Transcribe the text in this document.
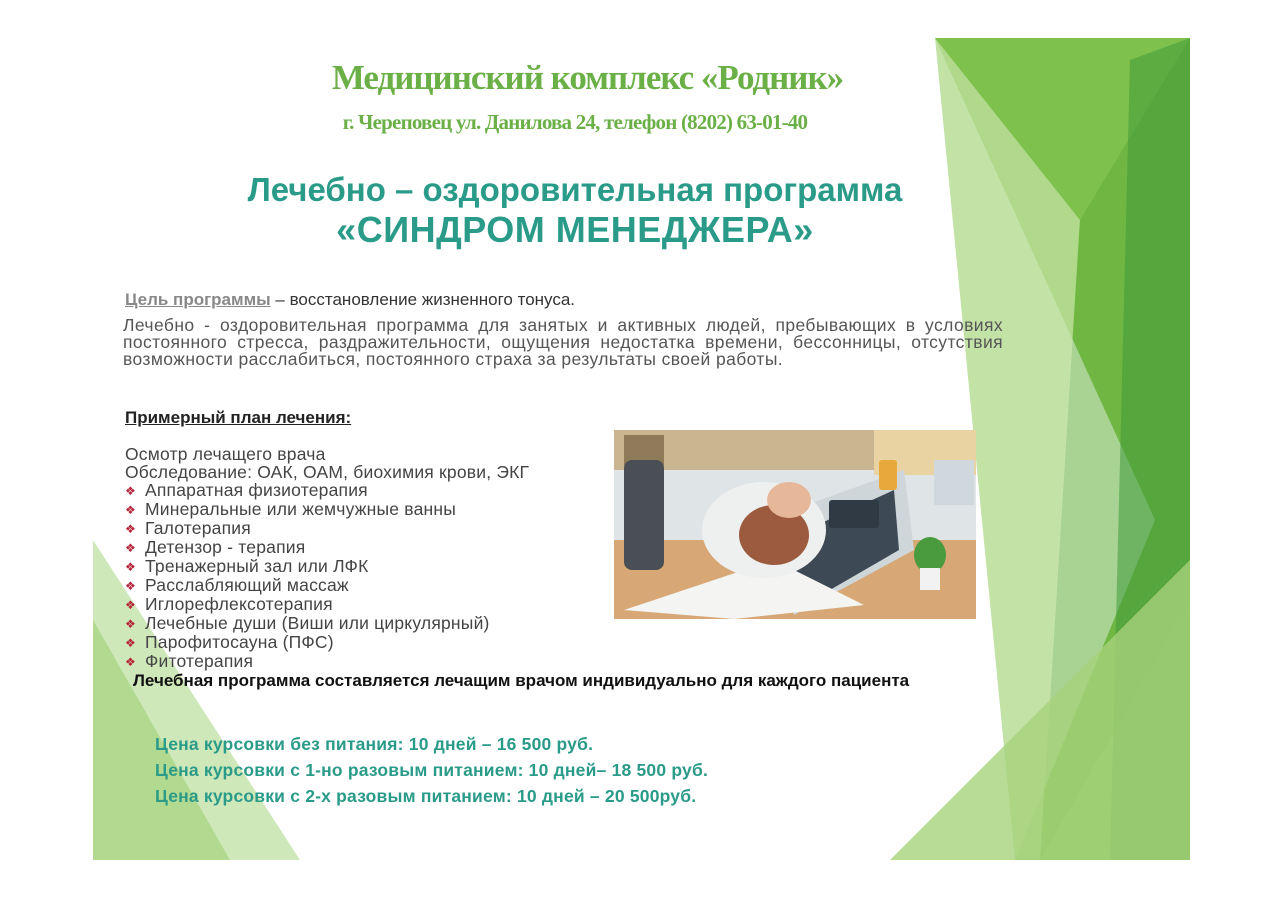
Медицинский комплекс «Родник»
г. Череповец ул. Данилова 24, телефон (8202) 63-01-40
Лечебно – оздоровительная программа
«СИНДРОМ МЕНЕДЖЕРА»
Цель программы – восстановление жизненного тонуса.
Лечебно - оздоровительная программа для занятых и активных людей, пребывающих в условиях постоянного стресса, раздражительности, ощущения недостатка времени, бессонницы, отсутствия возможности расслабиться, постоянного страха за результаты своей работы.
Примерный план лечения:
Осмотр лечащего врача
Обследование: ОАК, ОАМ, биохимия крови, ЭКГ
❖ Аппаратная физиотерапия
❖ Минеральные или жемчужные ванны
❖ Галотерапия
❖ Детензор - терапия
❖ Тренажерный зал или ЛФК
❖ Расслабляющий массаж
❖ Иглорефлексотерапия
❖ Лечебные души (Виши или циркулярный)
❖ Парофитосауна (ПФС)
❖ Фитотерапия
Лечебная программа составляется лечащим врачом индивидуально для каждого пациента
Цена курсовки без питания: 10 дней – 16 500 руб.
Цена курсовки с 1-но разовым питанием: 10 дней– 18 500 руб.
Цена курсовки с 2-х разовым питанием: 10 дней – 20 500руб.
